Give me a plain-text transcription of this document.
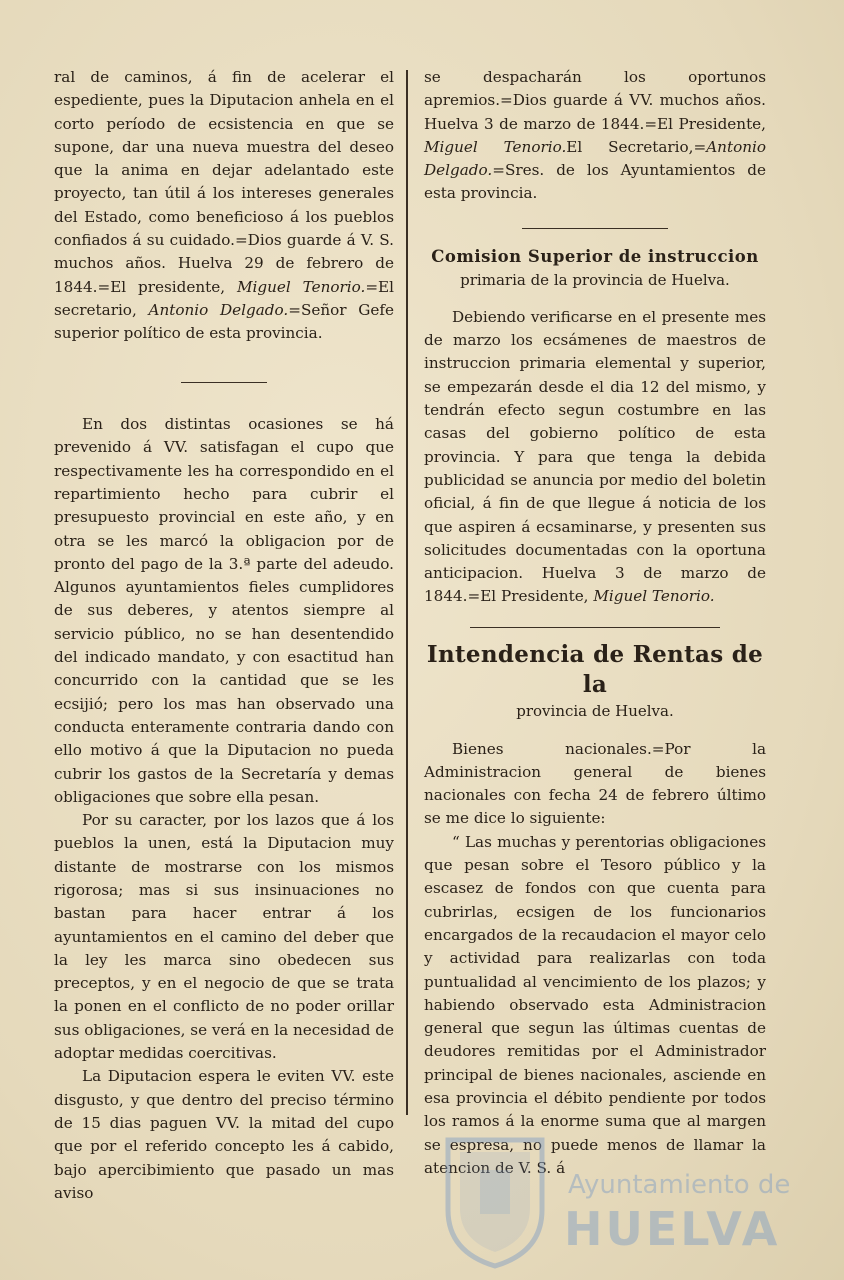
ral de caminos, á fin de acelerar el espediente, pues la Diputacion anhela en el corto período de ecsistencia en que se supone, dar una nueva muestra del deseo que la anima en dejar adelantado este proyecto, tan útil á los intereses generales del Estado, como beneficioso á los pueblos confiados á su cuidado.=Dios guarde á V. S. muchos años. Huelva 29 de febrero de 1844.=El presidente, Miguel Tenorio.=El secretario, Antonio Delgado.=Señor Gefe superior político de esta provincia.

En dos distintas ocasiones se há prevenido á VV. satisfagan el cupo que respectivamente les ha correspondido en el repartimiento hecho para cubrir el presupuesto provincial en este año, y en otra se les marcó la obligacion por de pronto del pago de la 3.ª parte del adeudo. Algunos ayuntamientos fieles cumplidores de sus deberes, y atentos siempre al servicio público, no se han desentendido del indicado mandato, y con esactitud han concurrido con la cantidad que se les ecsijió; pero los mas han observado una conducta enteramente contraria dando con ello motivo á que la Diputacion no pueda cubrir los gastos de la Secretaría y demas obligaciones que sobre ella pesan.

Por su caracter, por los lazos que á los pueblos la unen, está la Diputacion muy distante de mostrarse con los mismos rigorosa; mas si sus insinuaciones no bastan para hacer entrar á los ayuntamientos en el camino del deber que la ley les marca sino obedecen sus preceptos, y en el negocio de que se trata la ponen en el conflicto de no poder orillar sus obligaciones, se verá en la necesidad de adoptar medidas coercitivas.

La Diputacion espera le eviten VV. este disgusto, y que dentro del preciso término de 15 dias paguen VV. la mitad del cupo que por el referido concepto les á cabido, bajo apercibimiento que pasado un mas aviso

se despacharán los oportunos apremios.=Dios guarde á VV. muchos años. Huelva 3 de marzo de 1844.=El Presidente, Miguel Tenorio.El Secretario,=Antonio Delgado.=Sres. de los Ayuntamientos de esta provincia.

Comision Superior de instruccion
primaria de la provincia de Huelva.

Debiendo verificarse en el presente mes de marzo los ecsámenes de maestros de instruccion primaria elemental y superior, se empezarán desde el dia 12 del mismo, y tendrán efecto segun costumbre en las casas del gobierno político de esta provincia. Y para que tenga la debida publicidad se anuncia por medio del boletin oficial, á fin de que llegue á noticia de los que aspiren á ecsaminarse, y presenten sus solicitudes documentadas con la oportuna anticipacion. Huelva 3 de marzo de 1844.=El Presidente, Miguel Tenorio.

Intendencia de Rentas de la
provincia de Huelva.

Bienes nacionales.=Por la Administracion general de bienes nacionales con fecha 24 de febrero último se me dice lo siguiente:

“ Las muchas y perentorias obligaciones que pesan sobre el Tesoro público y la escasez de fondos con que cuenta para cubrirlas, ecsigen de los funcionarios encargados de la recaudacion el mayor celo y actividad para realizarlas con toda puntualidad al vencimiento de los plazos; y habiendo observado esta Administracion general que segun las últimas cuentas de deudores remitidas por el Administrador principal de bienes nacionales, asciende en esa provincia el débito pendiente por todos los ramos á la enorme suma que al margen se espresa, no puede menos de llamar la atencion de V. S. á

Ayuntamiento de
HUELVA
